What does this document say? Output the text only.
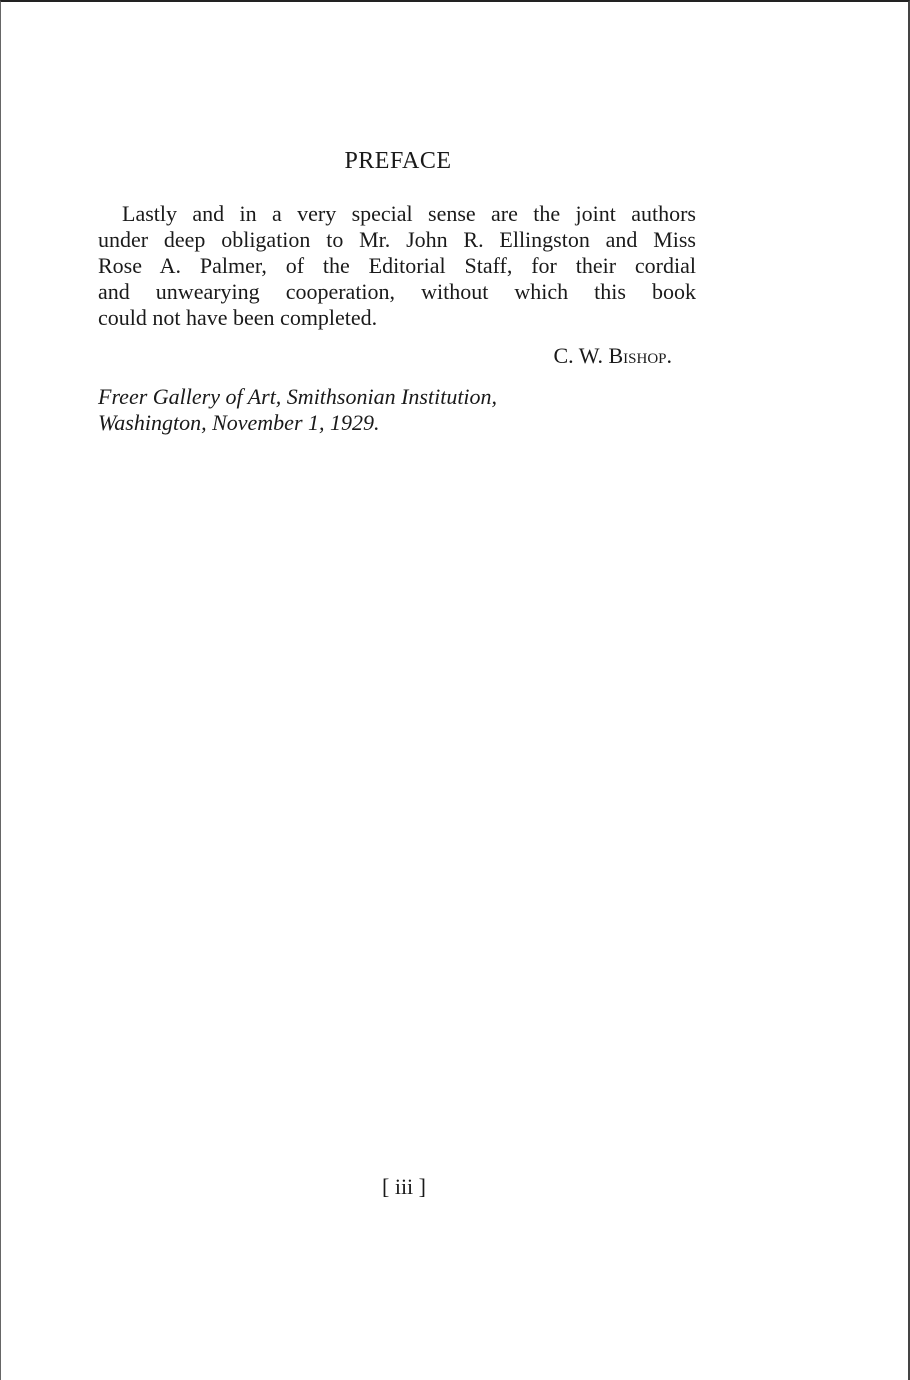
PREFACE
Lastly and in a very special sense are the joint authors
under deep obligation to Mr. John R. Ellingston and Miss
Rose A. Palmer, of the Editorial Staff, for their cordial
and unwearying cooperation, without which this book
could not have been completed.

C. W. Bishop.

Freer Gallery of Art, Smithsonian Institution,
Washington, November 1, 1929.

[ iii ]
